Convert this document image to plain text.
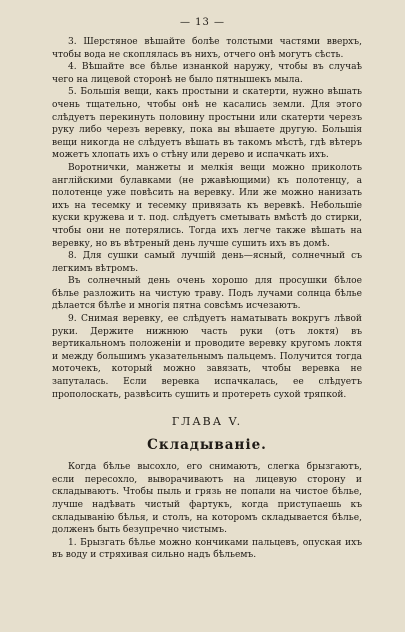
— 13 —

3. Шерстяное вѣшайте болѣе толстыми частями вверхъ, чтобы вода не скоплялась въ нихъ, отчего онѣ могутъ сѣсть.

4. Вѣшайте все бѣлье изнанкой наружу, чтобы въ случаѣ чего на лицевой сторонѣ не было пятнышекъ мыла.

5. Большія вещи, какъ простыни и скатерти, нужно вѣшать очень тщательно, чтобы онѣ не касались земли. Для этого слѣдуетъ перекинуть половину простыни или скатерти черезъ руку либо черезъ веревку, пока вы вѣшаете другую. Большія вещи никогда не слѣдуетъ вѣшать въ такомъ мѣстѣ, гдѣ вѣтеръ можетъ хлопать ихъ о стѣну или дерево и испачкать ихъ.

Воротнички, манжеты и мелкія вещи можно приколоть англійскими булавками (не ржавѣющими) къ полотенцу, а полотенце уже повѣсить на веревку. Или же можно нанизать ихъ на тесемку и тесемку привязать къ веревкѣ. Небольшіе куски кружева и т. под. слѣдуетъ сметывать вмѣстѣ до стирки, чтобы они не потерялись. Тогда ихъ легче также вѣшать на веревку, но въ вѣтреный день лучше сушить ихъ въ домѣ.

8. Для сушки самый лучшій день—ясный, солнечный съ легкимъ вѣтромъ.

Въ солнечный день очень хорошо для просушки бѣлое бѣлье разложить на чистую траву. Подъ лучами солнца бѣлье дѣлается бѣлѣе и многія пятна совсѣмъ исчезаютъ.

9. Снимая веревку, ее слѣдуетъ наматывать вокругъ лѣвой руки. Держите нижнюю часть руки (отъ локтя) въ вертикальномъ положеніи и проводите веревку кругомъ локтя и между большимъ указательнымъ пальцемъ. Получится тогда моточекъ, который можно завязать, чтобы веревка не запуталась. Если веревка испачкалась, ее слѣдуетъ прополоскать, развѣсить сушить и протереть сухой тряпкой.

ГЛАВА V.
Складываніе.

Когда бѣлье высохло, его снимаютъ, слегка брызгаютъ, если пересохло, выворачиваютъ на лицевую сторону и складываютъ. Чтобы пыль и грязь не попали на чистое бѣлье, лучше надѣвать чистый фартукъ, когда приступаешь къ складыванію бѣлья, и столъ, на которомъ складывается бѣлье, долженъ быть безупречно чистымъ.

1. Брызгать бѣлье можно кончиками пальцевъ, опуская ихъ въ воду и стряхивая сильно надъ бѣльемъ.
